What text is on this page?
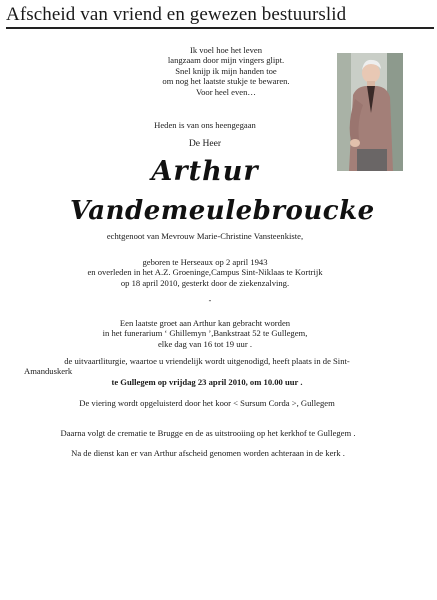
Afscheid van vriend en gewezen bestuurslid
Ik voel hoe het leven
langzaam door mijn vingers glipt.
Snel knijp ik mijn handen toe
om nog het laatste stukje te bewaren.
Voor heel even…
Heden is van ons heengegaan
De Heer
Arthur
Vandemeulebroucke
echtgenoot van Mevrouw Marie-Christine Vansteenkiste,
geboren te Herseaux op 2 april 1943
en overleden in het A.Z. Groeninge,Campus Sint-Niklaas te Kortrijk
op 18 april 2010, gesterkt door de ziekenzalving.
-
Een laatste groet aan Arthur kan gebracht worden
in het funerarium ‘ Ghillemyn ’,Bankstraat 52 te Gullegem,
elke dag van 16 tot 19 uur .
de uitvaartliturgie, waartoe u vriendelijk wordt uitgenodigd, heeft plaats in de Sint-
Amanduskerk
te Gullegem op vrijdag 23 april 2010, om 10.00 uur .
De viering wordt opgeluisterd door het koor < Sursum Corda >, Gullegem
Daarna volgt de crematie te Brugge en de as uitstrooiing op het kerkhof te Gullegem .
Na de dienst kan er van Arthur afscheid genomen worden achteraan in de kerk .
